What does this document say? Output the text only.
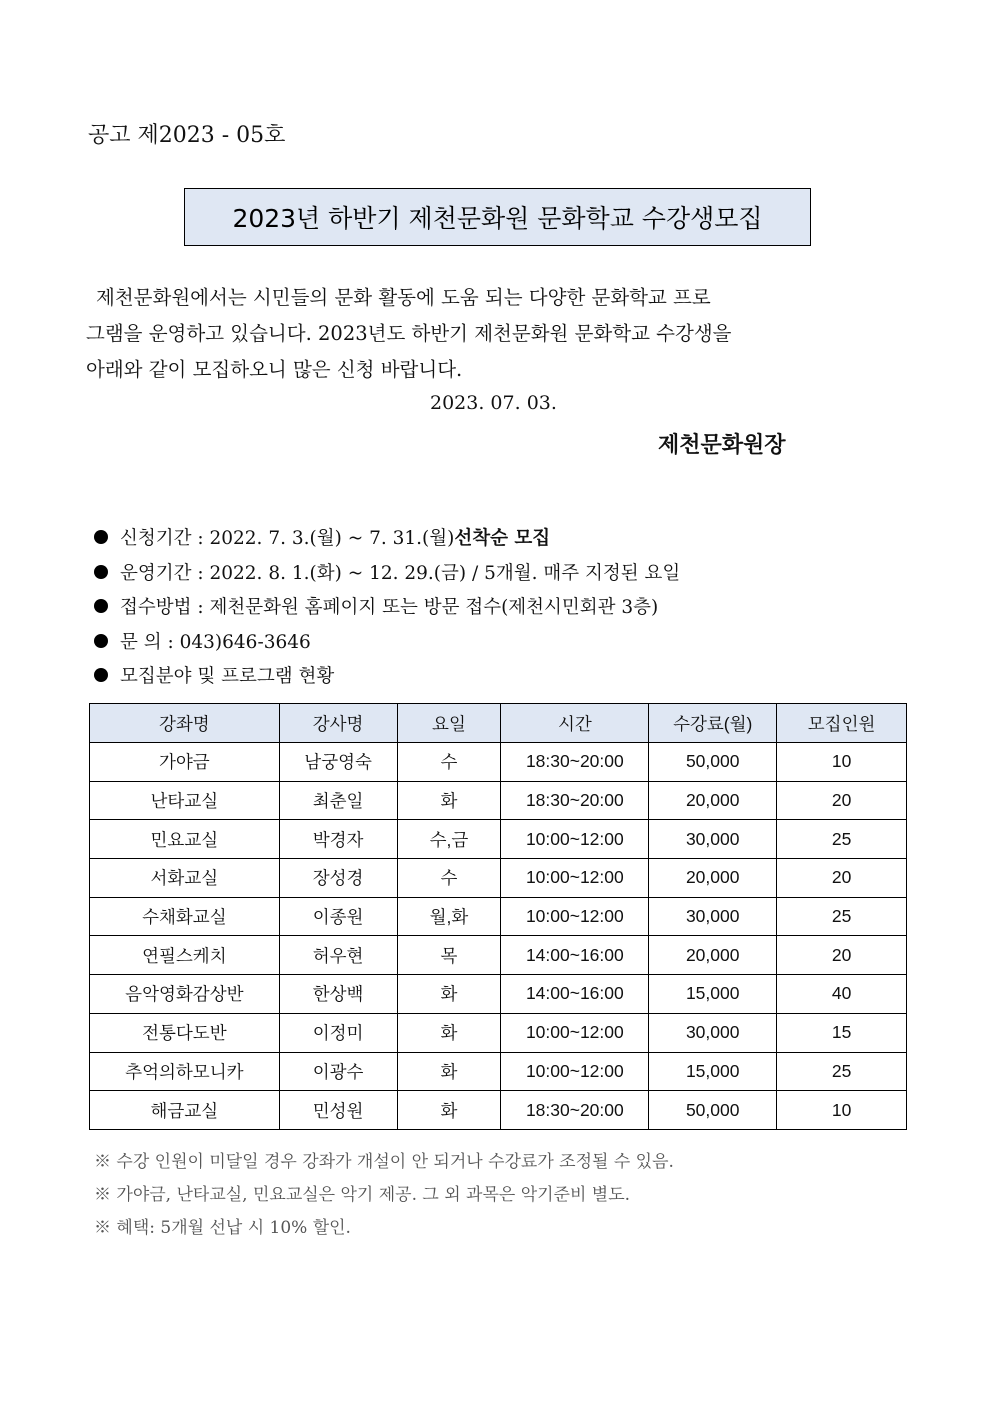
공고 제2023 - 05호
2023년 하반기 제천문화원 문화학교 수강생모집
제천문화원에서는 시민들의 문화 활동에 도움 되는 다양한 문화학교 프로
그램을 운영하고 있습니다. 2023년도 하반기 제천문화원 문화학교 수강생을
아래와 같이 모집하오니 많은 신청 바랍니다.
2023. 07. 03.
제천문화원장
신청기간 : 2022. 7. 3.(월) ~ 7. 31.(월) 선착순 모집
운영기간 : 2022. 8. 1.(화) ~ 12. 29.(금) / 5개월. 매주 지정된 요일
접수방법 : 제천문화원 홈페이지 또는 방문 접수(제천시민회관 3층)
문 의 : 043)646-3646
모집분야 및 프로그램 현황
강좌명	강사명	요일	시간	수강료(월)	모집인원
가야금	남궁영숙	수	18:30~20:00	50,000	10
난타교실	최춘일	화	18:30~20:00	20,000	20
민요교실	박경자	수,금	10:00~12:00	30,000	25
서화교실	장성경	수	10:00~12:00	20,000	20
수채화교실	이종원	월,화	10:00~12:00	30,000	25
연필스케치	허우현	목	14:00~16:00	20,000	20
음악영화감상반	한상백	화	14:00~16:00	15,000	40
전통다도반	이정미	화	10:00~12:00	30,000	15
추억의하모니카	이광수	화	10:00~12:00	15,000	25
해금교실	민성원	화	18:30~20:00	50,000	10
※ 수강 인원이 미달일 경우 강좌가 개설이 안 되거나 수강료가 조정될 수 있음.
※ 가야금, 난타교실, 민요교실은 악기 제공. 그 외 과목은 악기준비 별도.
※ 혜택: 5개월 선납 시 10% 할인.
